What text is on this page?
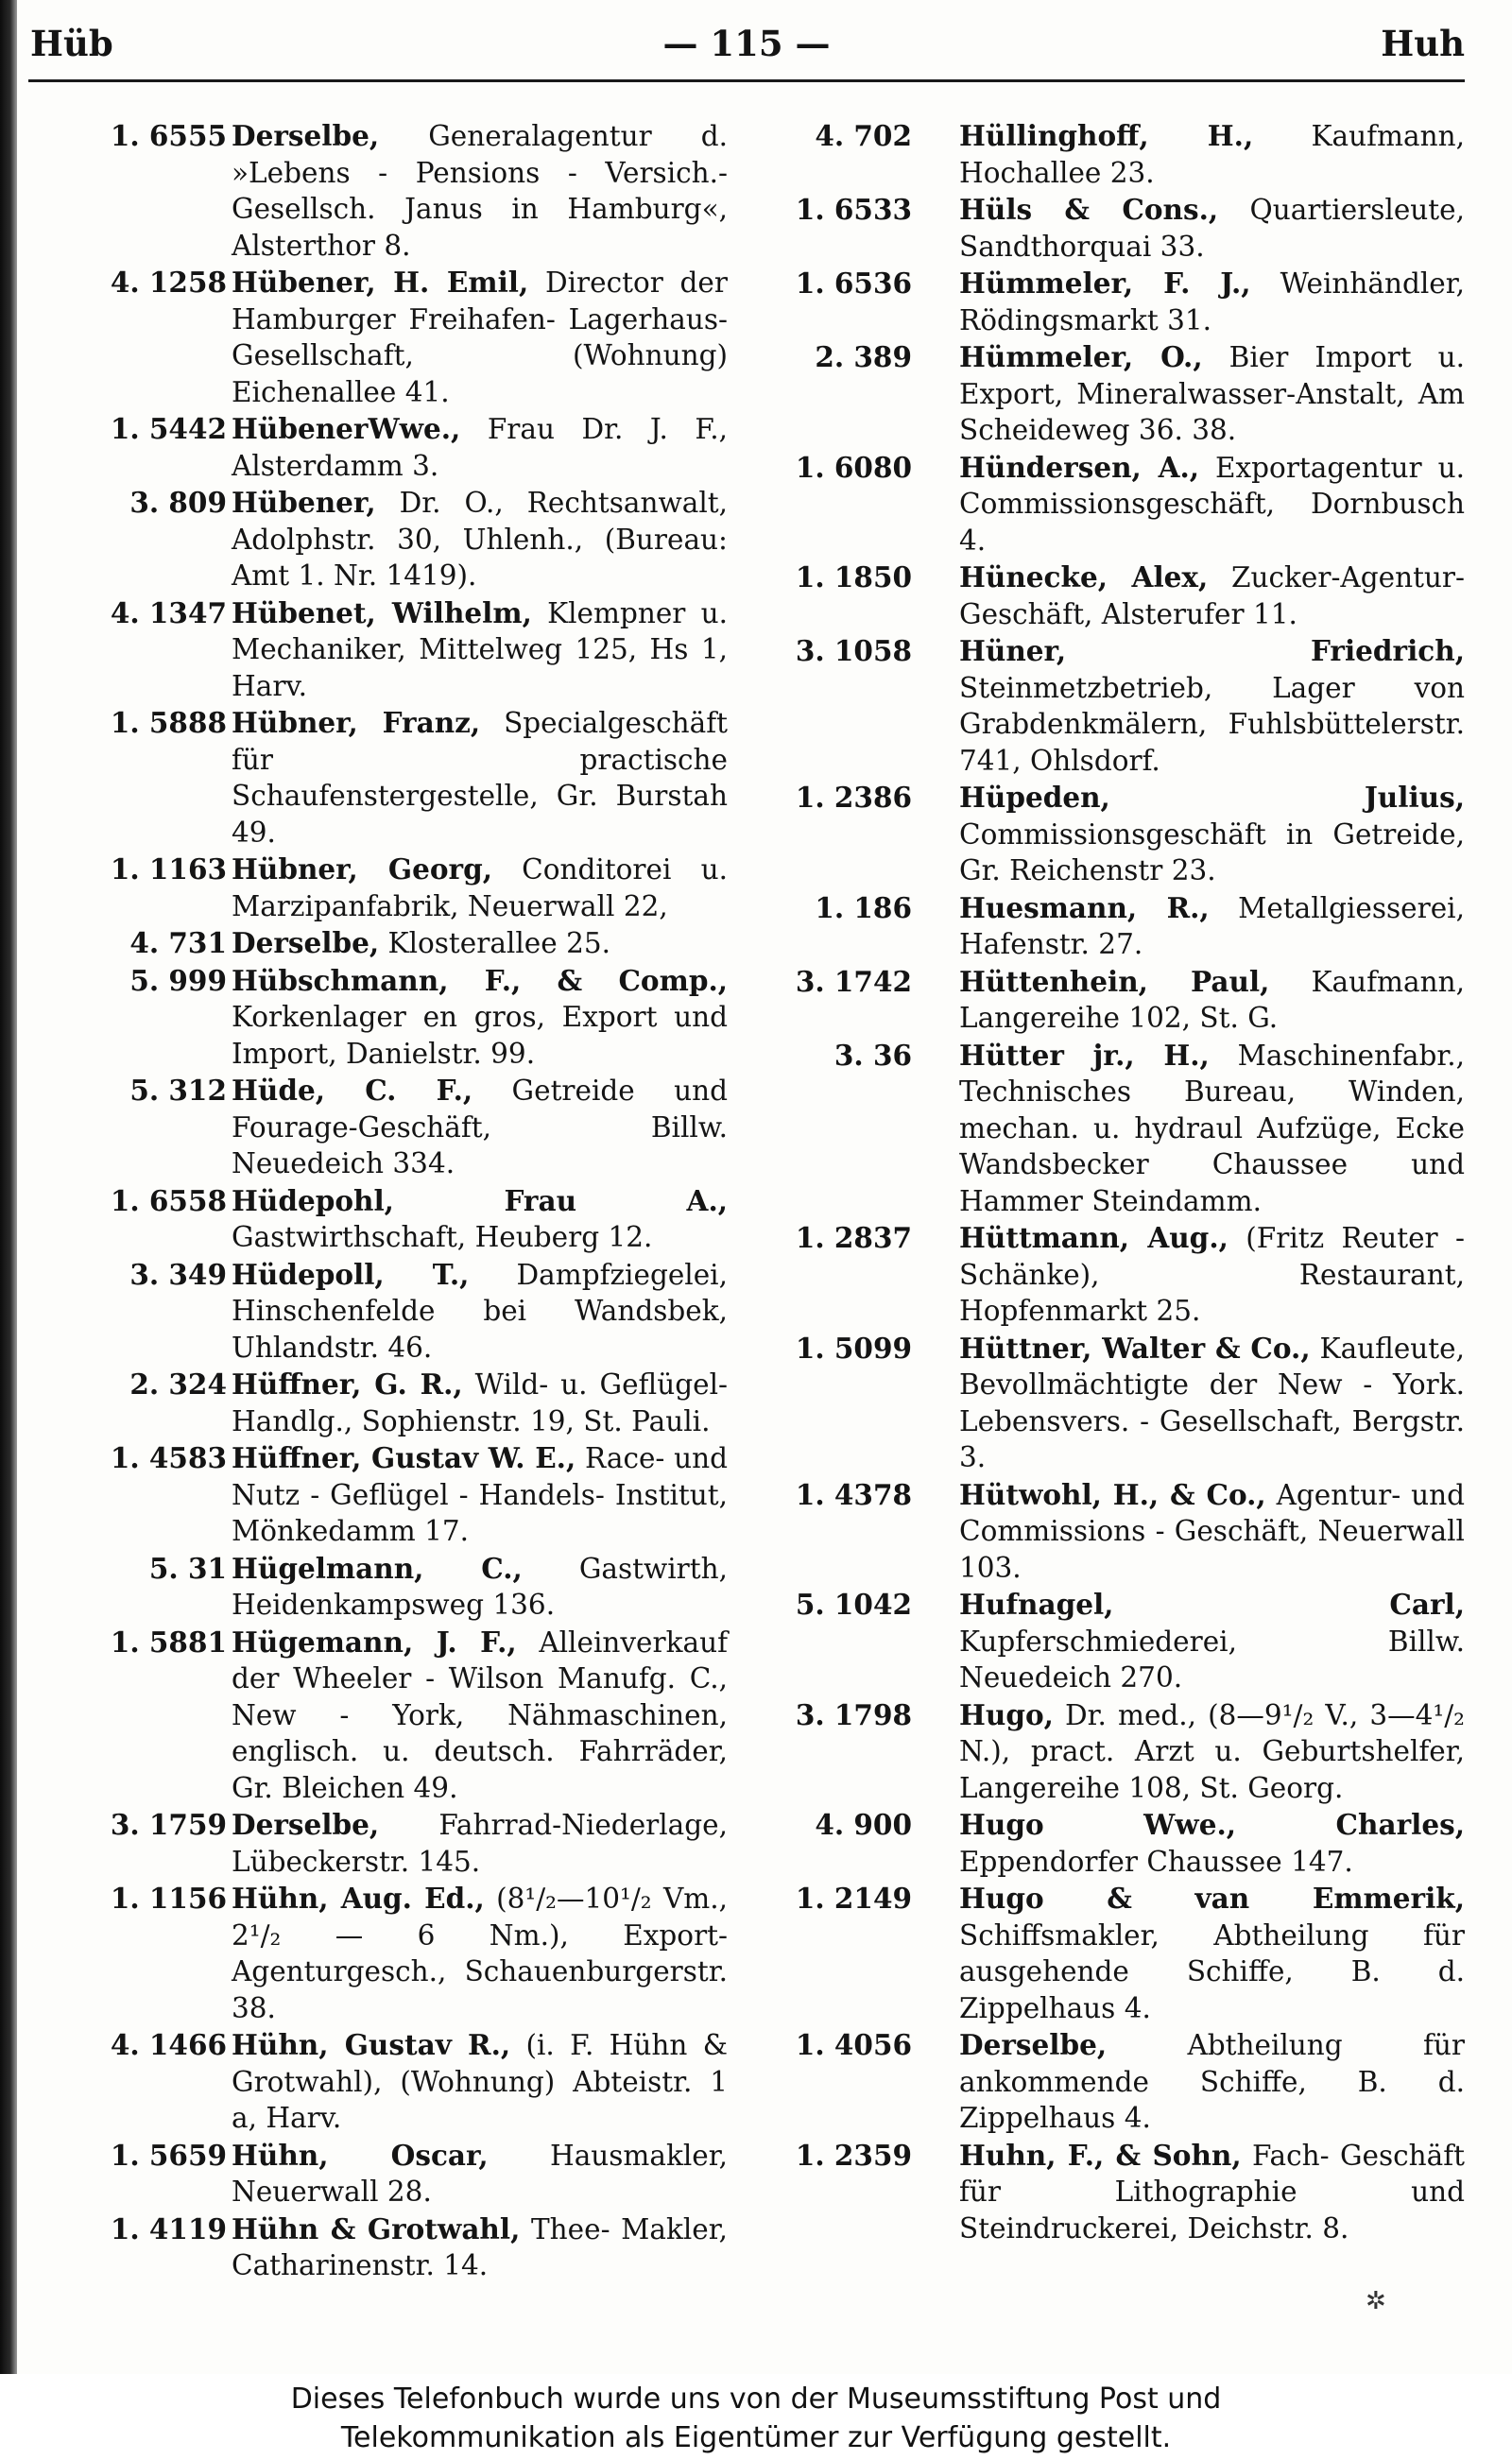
Hüb	— 115 —	Huh
1. 6555 Derselbe, Generalagentur d. »Lebens - Pensions - Versich.- Gesellsch. Janus in Hamburg«, Alsterthor 8.
4. 1258 Hübener, H. Emil, Director der Hamburger Freihafen- Lagerhaus-Gesellschaft, (Wohnung) Eichenallee 41.
1. 5442 HübenerWwe., Frau Dr. J. F., Alsterdamm 3.
3. 809 Hübener, Dr. O., Rechtsanwalt, Adolphstr. 30, Uhlenh., (Bureau: Amt 1. Nr. 1419).
4. 1347 Hübenet, Wilhelm, Klempner u. Mechaniker, Mittelweg 125, Hs 1, Harv.
1. 5888 Hübner, Franz, Specialgeschäft für practische Schaufenstergestelle, Gr. Burstah 49.
1. 1163 Hübner, Georg, Conditorei u. Marzipanfabrik, Neuerwall 22,
4. 731 Derselbe, Klosterallee 25.
5. 999 Hübschmann, F., & Comp., Korkenlager en gros, Export und Import, Danielstr. 99.
5. 312 Hüde, C. F., Getreide und Fourage-Geschäft, Billw. Neuedeich 334.
1. 6558 Hüdepohl, Frau A., Gastwirthschaft, Heuberg 12.
3. 349 Hüdepoll, T., Dampfziegelei, Hinschenfelde bei Wandsbek, Uhlandstr. 46.
2. 324 Hüffner, G. R., Wild- u. Geflügel-Handlg., Sophienstr. 19, St. Pauli.
1. 4583 Hüffner, Gustav W. E., Race- und Nutz - Geflügel - Handels- Institut, Mönkedamm 17.
5. 31 Hügelmann, C., Gastwirth, Heidenkampsweg 136.
1. 5881 Hügemann, J. F., Alleinverkauf der Wheeler - Wilson Manufg. C., New - York, Nähmaschinen, englisch. u. deutsch. Fahrräder, Gr. Bleichen 49.
3. 1759 Derselbe, Fahrrad-Niederlage, Lübeckerstr. 145.
1. 1156 Hühn, Aug. Ed., (8¹/₂—10¹/₂ Vm., 2¹/₂ — 6 Nm.), Export- Agenturgesch., Schauenburgerstr. 38.
4. 1466 Hühn, Gustav R., (i. F. Hühn & Grotwahl), (Wohnung) Abteistr. 1 a, Harv.
1. 5659 Hühn, Oscar, Hausmakler, Neuerwall 28.
1. 4119 Hühn & Grotwahl, Thee- Makler, Catharinenstr. 14.
4. 702 Hüllinghoff, H., Kaufmann, Hochallee 23.
1. 6533 Hüls & Cons., Quartiersleute, Sandthorquai 33.
1. 6536 Hümmeler, F. J., Weinhändler, Rödingsmarkt 31.
2. 389 Hümmeler, O., Bier Import u. Export, Mineralwasser-Anstalt, Am Scheideweg 36. 38.
1. 6080 Hündersen, A., Exportagentur u. Commissionsgeschäft, Dornbusch 4.
1. 1850 Hünecke, Alex, Zucker-Agentur-Geschäft, Alsterufer 11.
3. 1058 Hüner, Friedrich, Steinmetzbetrieb, Lager von Grabdenkmälern, Fuhlsbüttelerstr. 741, Ohlsdorf.
1. 2386 Hüpeden, Julius, Commissionsgeschäft in Getreide, Gr. Reichenstr 23.
1. 186 Huesmann, R., Metallgiesserei, Hafenstr. 27.
3. 1742 Hüttenhein, Paul, Kaufmann, Langereihe 102, St. G.
3. 36 Hütter jr., H., Maschinenfabr., Technisches Bureau, Winden, mechan. u. hydraul Aufzüge, Ecke Wandsbecker Chaussee und Hammer Steindamm.
1. 2837 Hüttmann, Aug., (Fritz Reuter - Schänke), Restaurant, Hopfenmarkt 25.
1. 5099 Hüttner, Walter & Co., Kaufleute, Bevollmächtigte der New - York. Lebensvers. - Gesellschaft, Bergstr. 3.
1. 4378 Hütwohl, H., & Co., Agentur- und Commissions - Geschäft, Neuerwall 103.
5. 1042 Hufnagel, Carl, Kupferschmiederei, Billw. Neuedeich 270.
3. 1798 Hugo, Dr. med., (8—9¹/₂ V., 3—4¹/₂ N.), pract. Arzt u. Geburtshelfer, Langereihe 108, St. Georg.
4. 900 Hugo Wwe., Charles, Eppendorfer Chaussee 147.
1. 2149 Hugo & van Emmerik, Schiffsmakler, Abtheilung für ausgehende Schiffe, B. d. Zippelhaus 4.
1. 4056 Derselbe,	Abtheilung für ankommende Schiffe, B. d. Zippelhaus 4.
1. 2359 Huhn, F., & Sohn, Fach- Geschäft für Lithographie und Steindruckerei, Deichstr. 8.
✲
Dieses Telefonbuch wurde uns von der Museumsstiftung Post und
Telekommunikation als Eigentümer zur Verfügung gestellt.
